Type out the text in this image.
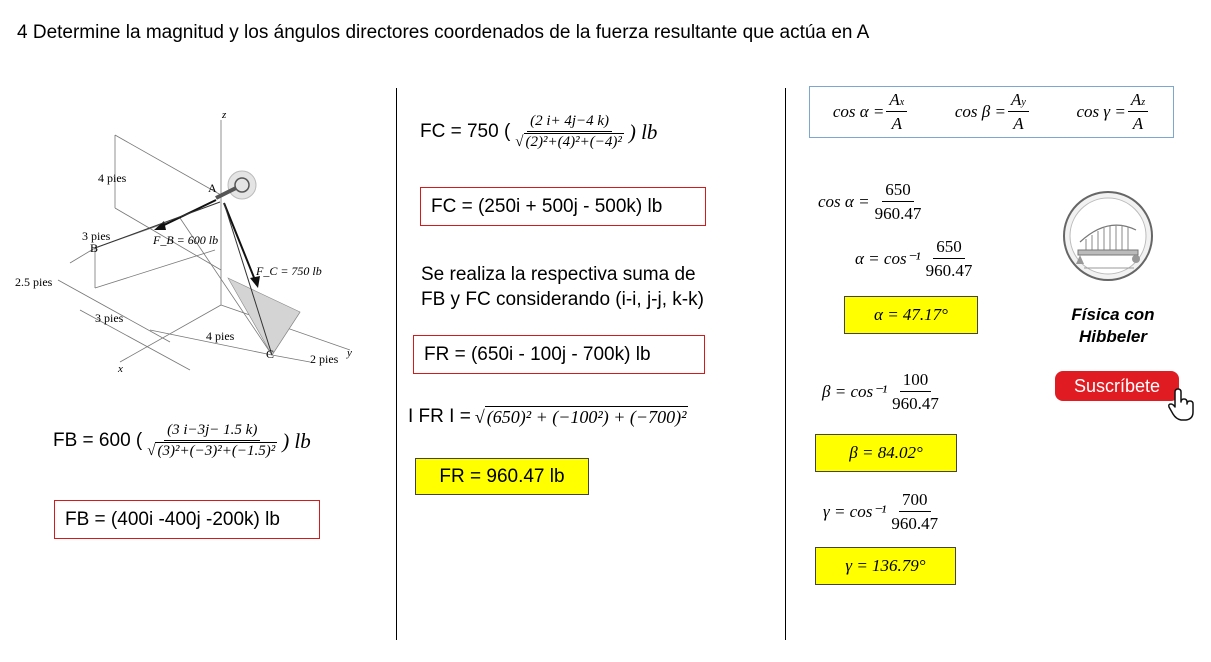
4 Determine la magnitud y los ángulos directores coordenados de la fuerza resultante que actúa en A
z
x
y
A
B
C
4 pies
3 pies
2.5 pies
3 pies
4 pies
2 pies
F_B = 600 lb
F_C = 750 lb
FB = 600 ( $\frac{(3 i-3j- 1.5 k)}{\text{√ (3)²+(−3)²+(−1.5)²}}$ ) lb
FB = (400i -400j -200k) lb
FC = 750 ( $\frac{(2 i+ 4j-4 k)}{\text{√ (2)²+(4)²+(−4)²}}$ ) lb
FC = (250i + 500j - 500k) lb
Se realiza la respectiva suma de
FB y FC considerando (i-i, j-j, k-k)
FR = (650i - 100j - 700k) lb
I FR I = √ (650)² + (−100²) + (−700)²
FR = 960.47 lb
$\cos \alpha = \frac{Ax}{A}$	$\cos \beta = \frac{Ay}{A}$	$\cos \gamma = \frac{Az}{A}$
$\cos \alpha = \frac{650}{960.47}$
$\alpha = \cos^{-1} \frac{650}{960.47}$
α = 47.17°
$\beta = \cos^{-1} \frac{100}{960.47}$
β = 84.02°
$\gamma = \cos^{-1} \frac{700}{960.47}$
γ = 136.79°
Física con
Hibbeler
Suscríbete
